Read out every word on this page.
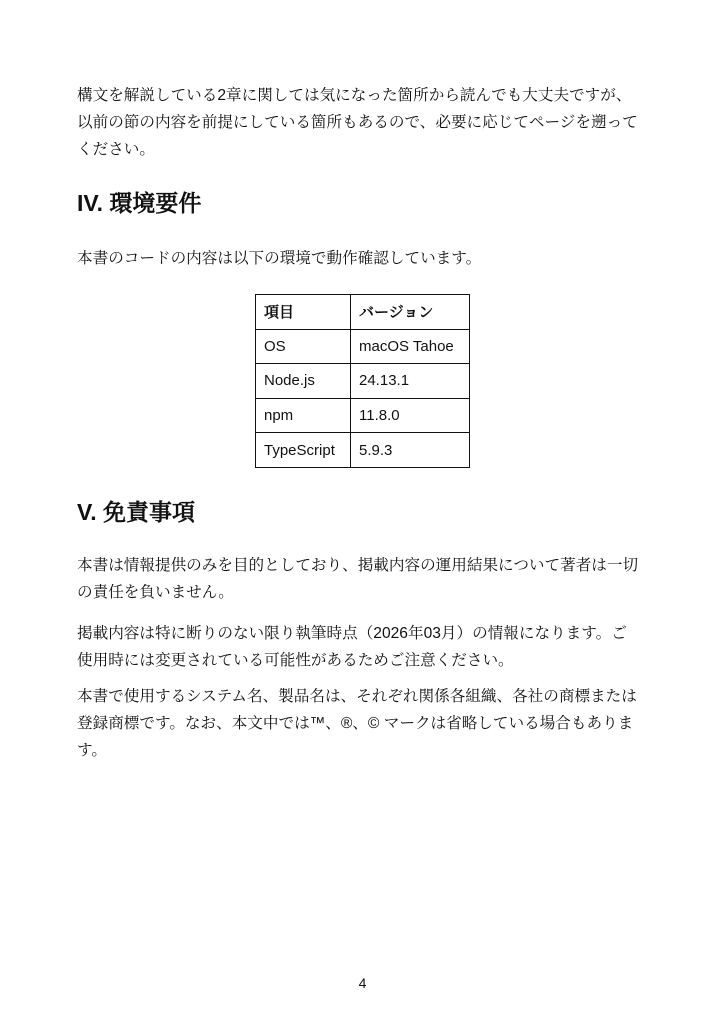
構文を解説している2章に関しては気になった箇所から読んでも大丈夫ですが、
以前の節の内容を前提にしている箇所もあるので、必要に応じてページを遡って
ください。
IV. 環境要件
本書のコードの内容は以下の環境で動作確認しています。
項目	バージョン
OS	macOS Tahoe
Node.js	24.13.1
npm	11.8.0
TypeScript	5.9.3
V. 免責事項
本書は情報提供のみを目的としており、掲載内容の運用結果について著者は一切
の責任を負いません。
掲載内容は特に断りのない限り執筆時点（2026年03月）の情報になります。ご
使用時には変更されている可能性があるためご注意ください。
本書で使用するシステム名、製品名は、それぞれ関係各組織、各社の商標または
登録商標です。なお、本文中では™、®、© マークは省略している場合もありま
す。
4
